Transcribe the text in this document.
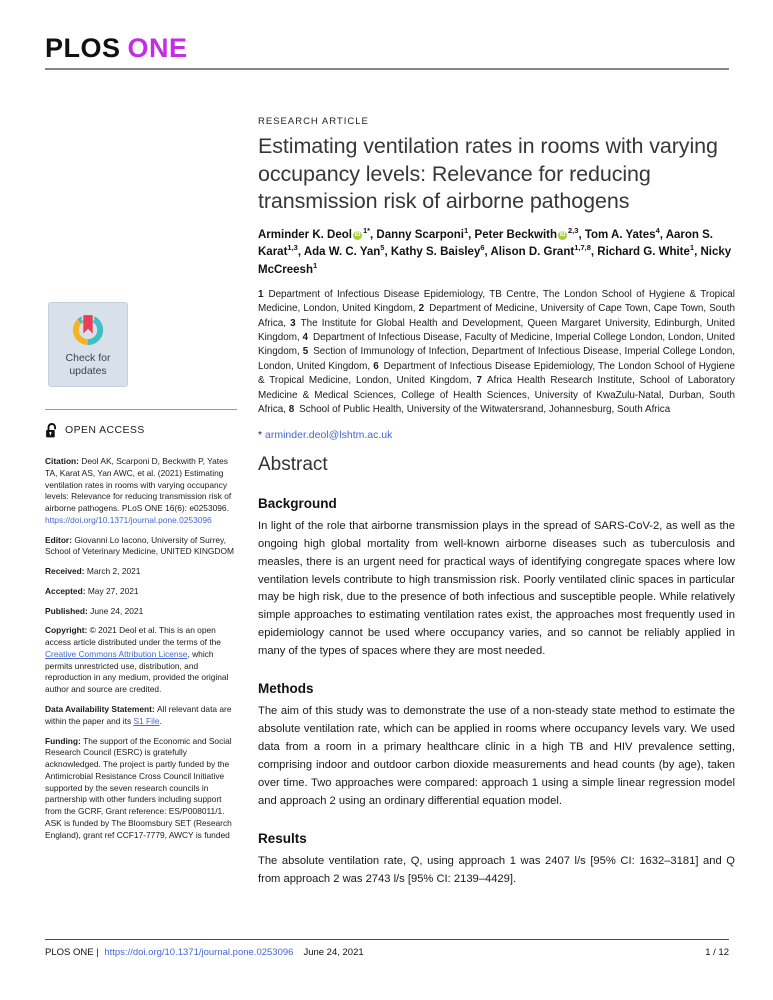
PLOS ONE
Check for
updates
OPEN ACCESS

Citation: Deol AK, Scarponi D, Beckwith P, Yates TA, Karat AS, Yan AWC, et al. (2021) Estimating ventilation rates in rooms with varying occupancy levels: Relevance for reducing transmission risk of airborne pathogens. PLoS ONE 16(6): e0253096. https://doi.org/10.1371/journal.pone.0253096

Editor: Giovanni Lo Iacono, University of Surrey, School of Veterinary Medicine, UNITED KINGDOM

Received: March 2, 2021

Accepted: May 27, 2021

Published: June 24, 2021

Copyright: © 2021 Deol et al. This is an open access article distributed under the terms of the Creative Commons Attribution License, which permits unrestricted use, distribution, and reproduction in any medium, provided the original author and source are credited.

Data Availability Statement: All relevant data are within the paper and its S1 File.

Funding: The support of the Economic and Social Research Council (ESRC) is gratefully acknowledged. The project is partly funded by the Antimicrobial Resistance Cross Council Initiative supported by the seven research councils in partnership with other funders including support from the GCRF, Grant reference: ES/P008011/1. ASK is funded by The Bloomsbury SET (Research England), grant ref CCF17-7779, AWCY is funded

RESEARCH ARTICLE
Estimating ventilation rates in rooms with varying occupancy levels: Relevance for reducing transmission risk of airborne pathogens
Arminder K. Deol iD $^{1*}$, Danny Scarponi$^1$, Peter Beckwith iD $^{2,3}$, Tom A. Yates$^4$, Aaron S. Karat$^{1,3}$, Ada W. C. Yan$^5$, Kathy S. Baisley$^6$, Alison D. Grant$^{1,7,8}$, Richard G. White$^1$, Nicky McCreesh$^1$
1 Department of Infectious Disease Epidemiology, TB Centre, The London School of Hygiene & Tropical Medicine, London, United Kingdom, 2 Department of Medicine, University of Cape Town, Cape Town, South Africa, 3 The Institute for Global Health and Development, Queen Margaret University, Edinburgh, United Kingdom, 4 Department of Infectious Disease, Faculty of Medicine, Imperial College London, London, United Kingdom, 5 Section of Immunology of Infection, Department of Infectious Disease, Imperial College London, London, United Kingdom, 6 Department of Infectious Disease Epidemiology, The London School of Hygiene & Tropical Medicine, London, United Kingdom, 7 Africa Health Research Institute, School of Laboratory Medicine & Medical Sciences, College of Health Sciences, University of KwaZulu-Natal, Durban, South Africa, 8 School of Public Health, University of the Witwatersrand, Johannesburg, South Africa
* arminder.deol@lshtm.ac.uk
Abstract
Background

In light of the role that airborne transmission plays in the spread of SARS-CoV-2, as well as the ongoing high global mortality from well-known airborne diseases such as tuberculosis and measles, there is an urgent need for practical ways of identifying congregate spaces where low ventilation levels contribute to high transmission risk. Poorly ventilated clinic spaces in particular may be high risk, due to the presence of both infectious and susceptible people. While relatively simple approaches to estimating ventilation rates exist, the approaches most frequently used in epidemiology cannot be used where occupancy varies, and so cannot be reliably applied in many of the types of spaces where they are most needed.

Methods

The aim of this study was to demonstrate the use of a non-steady state method to estimate the absolute ventilation rate, which can be applied in rooms where occupancy levels vary. We used data from a room in a primary healthcare clinic in a high TB and HIV prevalence setting, comprising indoor and outdoor carbon dioxide measurements and head counts (by age), taken over time. Two approaches were compared: approach 1 using a simple linear regression model and approach 2 using an ordinary differential equation model.

Results

The absolute ventilation rate, Q, using approach 1 was 2407 l/s [95% CI: 1632–3181] and Q from approach 2 was 2743 l/s [95% CI: 2139–4429].

PLOS ONE | https://doi.org/10.1371/journal.pone.0253096 June 24, 2021	1 / 12
